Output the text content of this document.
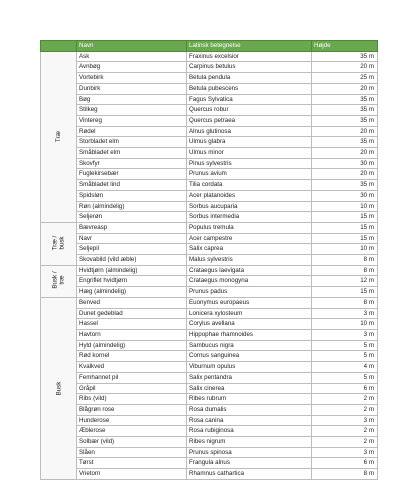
	Navn	Latinsk betegnelse	Højde

Træ	Ask	Fraxinus excelsior	35 m
	Avnbøg	Carpinus betulus	20 m
	Vortebirk	Betula pendula	25 m
	Dunbirk	Betula pubescens	20 m
	Bøg	Fagus Sylvatica	35 m
	Stilkeg	Quercus robur	35 m
	Vintereg	Quercus petraea	35 m
	Rødel	Alnus glutinosa	20 m
	Storbladet elm	Ulmus glabra	35 m
	Småbladet elm	Ulmus minor	20 m
	Skovfyr	Pinus sylvestris	30 m
	Fuglekirsebær	Prunus avium	20 m
	Småbladet lind	Tilia cordata	35 m
	Spidsløn	Acer platanoides	30 m
	Røn (almindelig)	Sorbus aucuparia	10 m
	Seljerøn	Sorbus intermedia	15 m

Træ / busk	Bævreasp	Populus tremula	15 m
	Navr	Acer campestre	15 m
	Seljepil	Salix caprea	10 m
	Skovabild (vild æble)	Malus sylvestris	8 m

Busk / træ	Hvidtjørn (almindelig)	Crataegus laevigata	8 m
	Engriflet hvidtjørn	Crataegus monogyna	12 m
	Hæg (almindelig)	Prunus padus	15 m

Busk	Benved	Euonymus europaeus	8 m
	Dunet gedeblad	Lonicera xylosteum	3 m
	Hassel	Corylus avellana	10 m
	Havtorn	Hippophae rhamnoides	3 m
	Hyld (almindelig)	Sambucus nigra	5 m
	Rød kornel	Cornus sanguinea	5 m
	Kvalkved	Viburnum opulus	4 m
	Femhannet pil	Salix pentandra	5 m
	Gråpil	Salix cinerea	6 m
	Ribs (vild)	Ribes rubrum	2 m
	Blågrøn rose	Rosa dumalis	2 m
	Hunderose	Rosa canina	3 m
	Æblerose	Rosa rubiginosa	2 m
	Solbær (vild)	Ribes nigrum	2 m
	Slåen	Prunus spinosa	3 m
	Tørst	Frangula alnus	6 m
	Vrietorn	Rhamnus cathartica	8 m
